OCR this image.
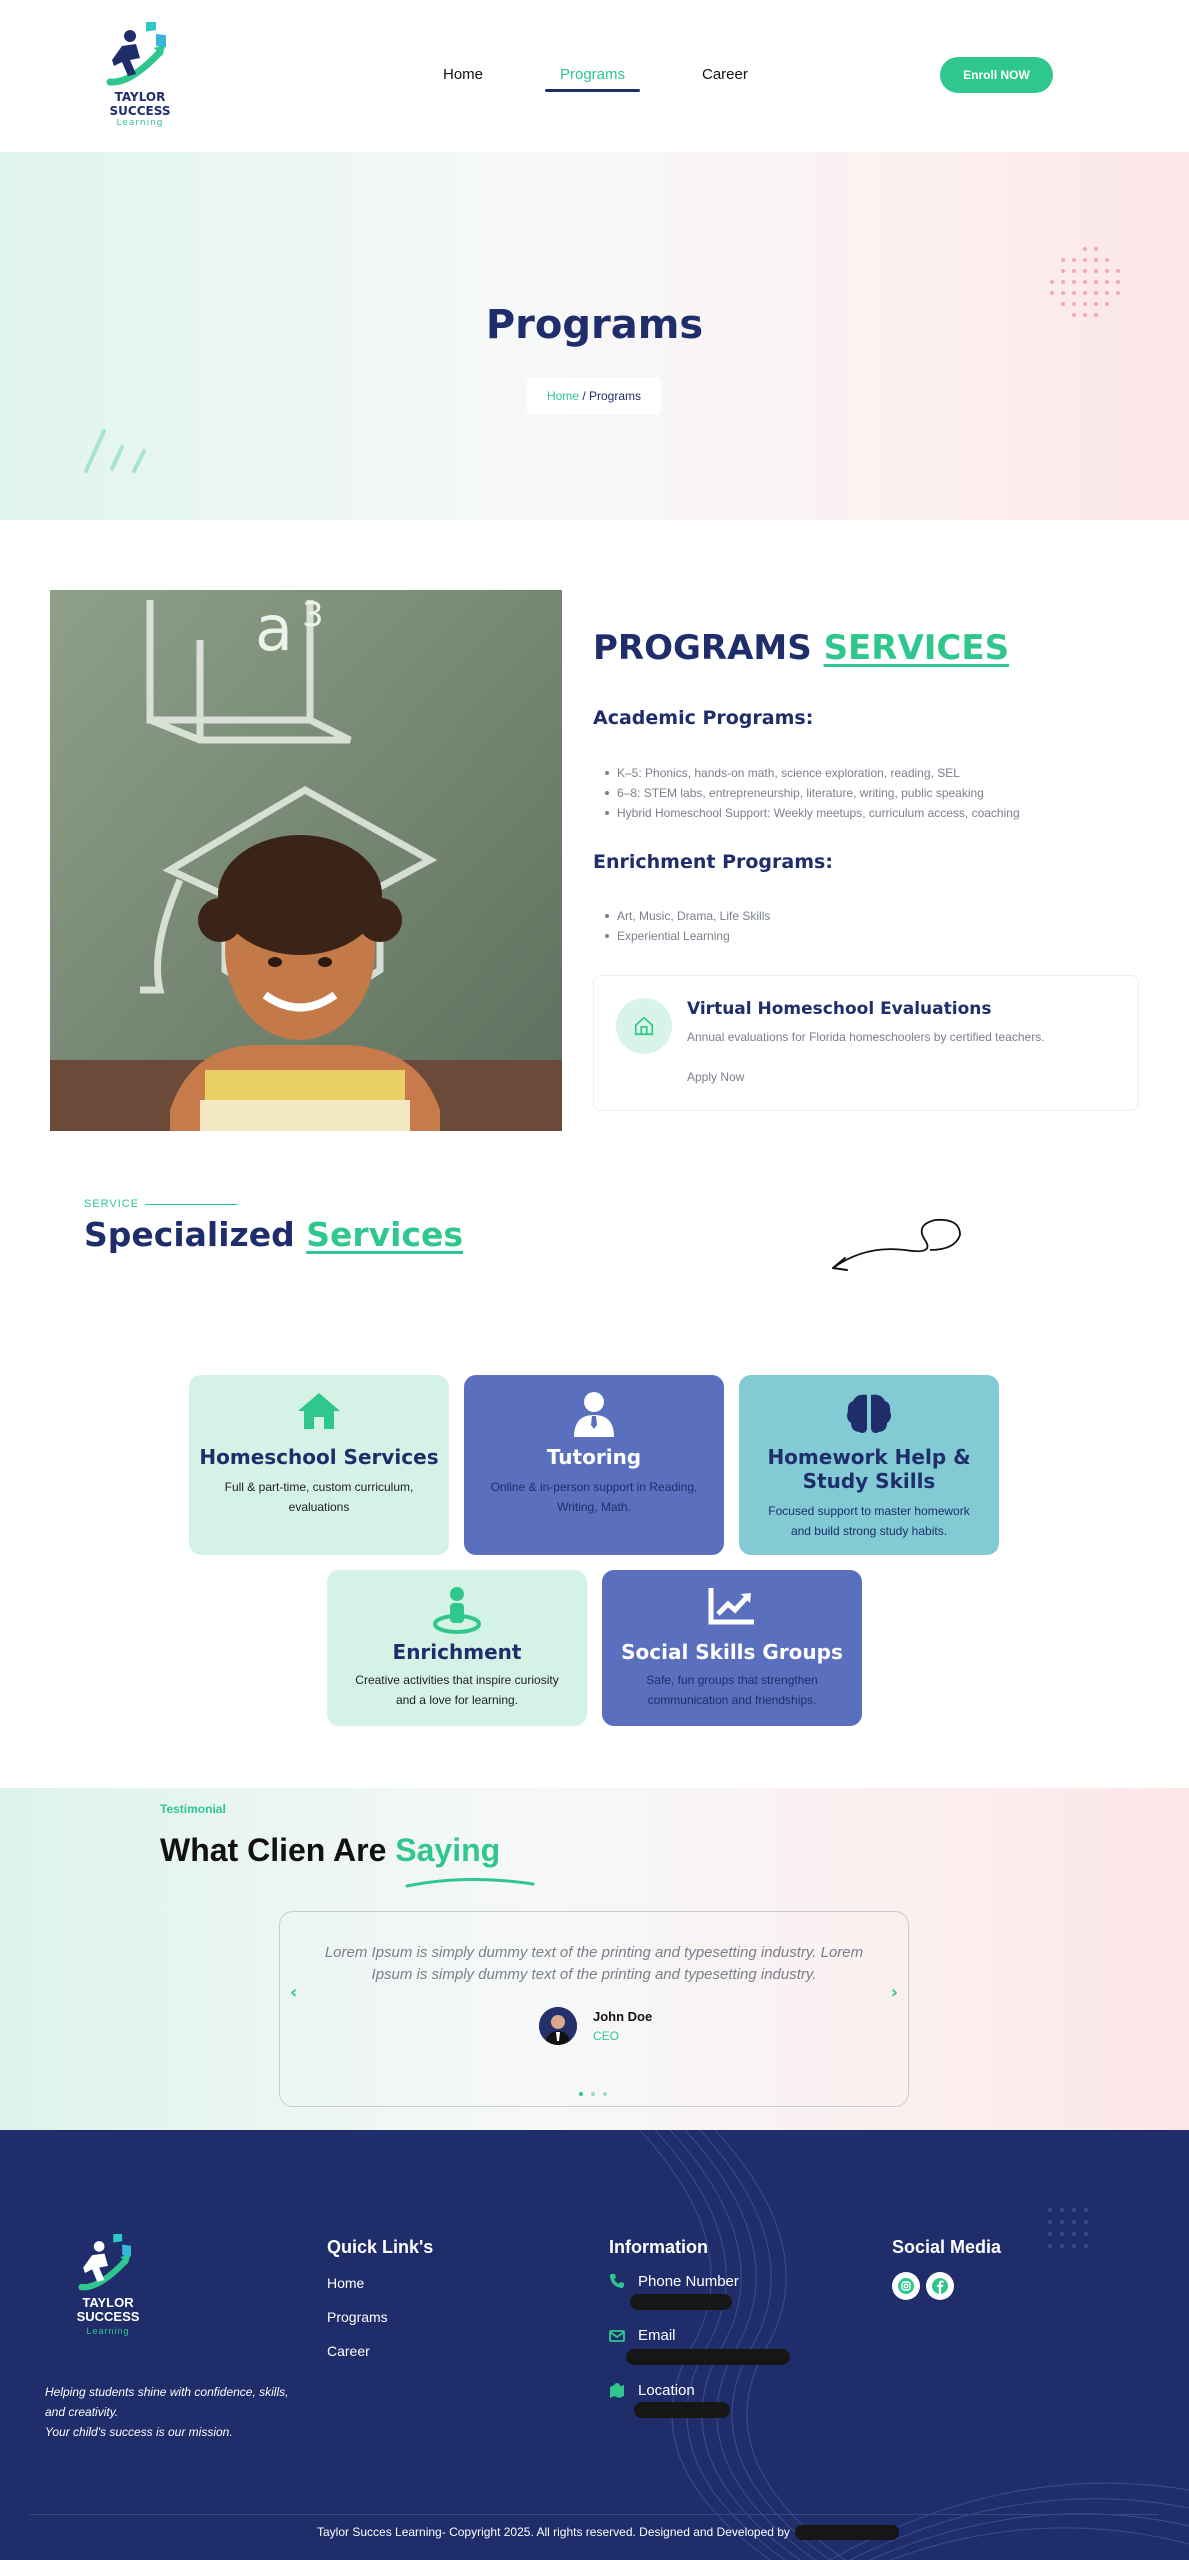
TAYLOR SUCCESS
Learning
Home	Programs	Career	Enroll NOW
Programs
Home / Programs
a 3
PROGRAMS SERVICES
Academic Programs:
K–5: Phonics, hands-on math, science exploration, reading, SEL
6–8: STEM labs, entrepreneurship, literature, writing, public speaking
Hybrid Homeschool Support: Weekly meetups, curriculum access, coaching
Enrichment Programs:
Art, Music, Drama, Life Skills
Experiential Learning
Virtual Homeschool Evaluations
Annual evaluations for Florida homeschoolers by certified teachers.
Apply Now
SERVICE
Specialized Services
Homeschool Services
Full & part-time, custom curriculum, evaluations
Tutoring
Online & in-person support in Reading, Writing, Math.
Homework Help & Study Skills
Focused support to master homework and build strong study habits.
Enrichment
Creative activities that inspire curiosity and a love for learning.
Social Skills Groups
Safe, fun groups that strengthen communication and friendships.
Testimonial
What Clien Are Saying
‹	›
Lorem Ipsum is simply dummy text of the printing and typesetting industry. Lorem Ipsum is simply dummy text of the printing and typesetting industry.
John Doe
CEO
TAYLOR SUCCESS
Learning
Helping students shine with confidence, skills, and creativity.
Your child's success is our mission.
Quick Link's
Home
Programs
Career
Information
Phone Number
Email
Location
Social Media
Taylor Succes Learning- Copyright 2025. All rights reserved. Designed and Developed by
